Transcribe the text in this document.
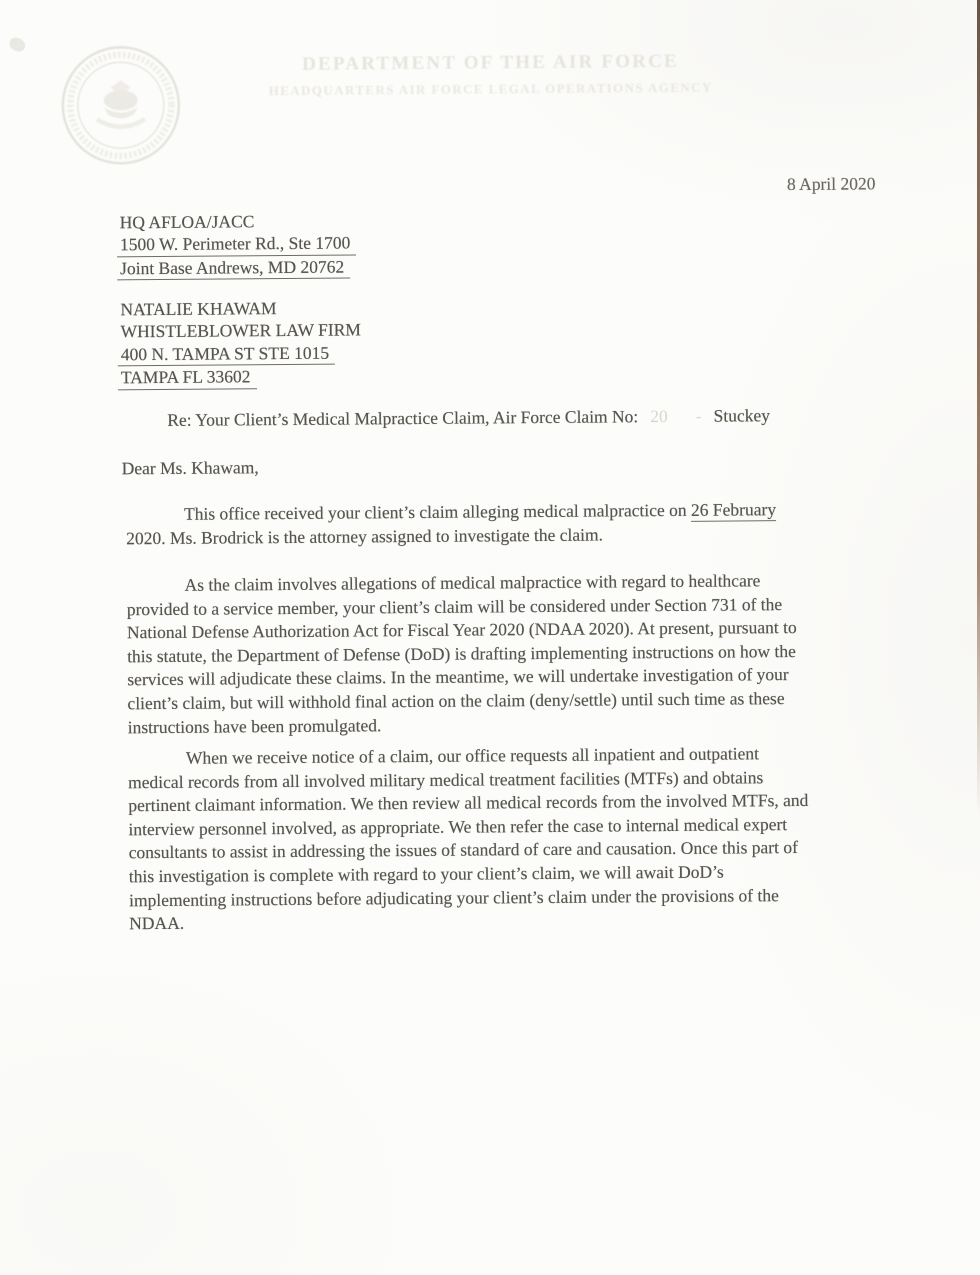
DEPARTMENT OF THE AIR FORCE
HEADQUARTERS AIR FORCE LEGAL OPERATIONS AGENCY
8 April 2020
HQ AFLOA/JACC
1500 W. Perimeter Rd., Ste 1700
Joint Base Andrews, MD 20762
NATALIE KHAWAM
WHISTLEBLOWER LAW FIRM
400 N. TAMPA ST STE 1015
TAMPA FL 33602
Re: Your Client’s Medical Malpractice Claim, Air Force Claim No: 20 - Stuckey
Dear Ms. Khawam,
This office received your client’s claim alleging medical malpractice on 26 February
2020. Ms. Brodrick is the attorney assigned to investigate the claim.
As the claim involves allegations of medical malpractice with regard to healthcare
provided to a service member, your client’s claim will be considered under Section 731 of the
National Defense Authorization Act for Fiscal Year 2020 (NDAA 2020). At present, pursuant to
this statute, the Department of Defense (DoD) is drafting implementing instructions on how the
services will adjudicate these claims. In the meantime, we will undertake investigation of your
client’s claim, but will withhold final action on the claim (deny/settle) until such time as these
instructions have been promulgated.
When we receive notice of a claim, our office requests all inpatient and outpatient
medical records from all involved military medical treatment facilities (MTFs) and obtains
pertinent claimant information. We then review all medical records from the involved MTFs, and
interview personnel involved, as appropriate. We then refer the case to internal medical expert
consultants to assist in addressing the issues of standard of care and causation. Once this part of
this investigation is complete with regard to your client’s claim, we will await DoD’s
implementing instructions before adjudicating your client’s claim under the provisions of the
NDAA.
